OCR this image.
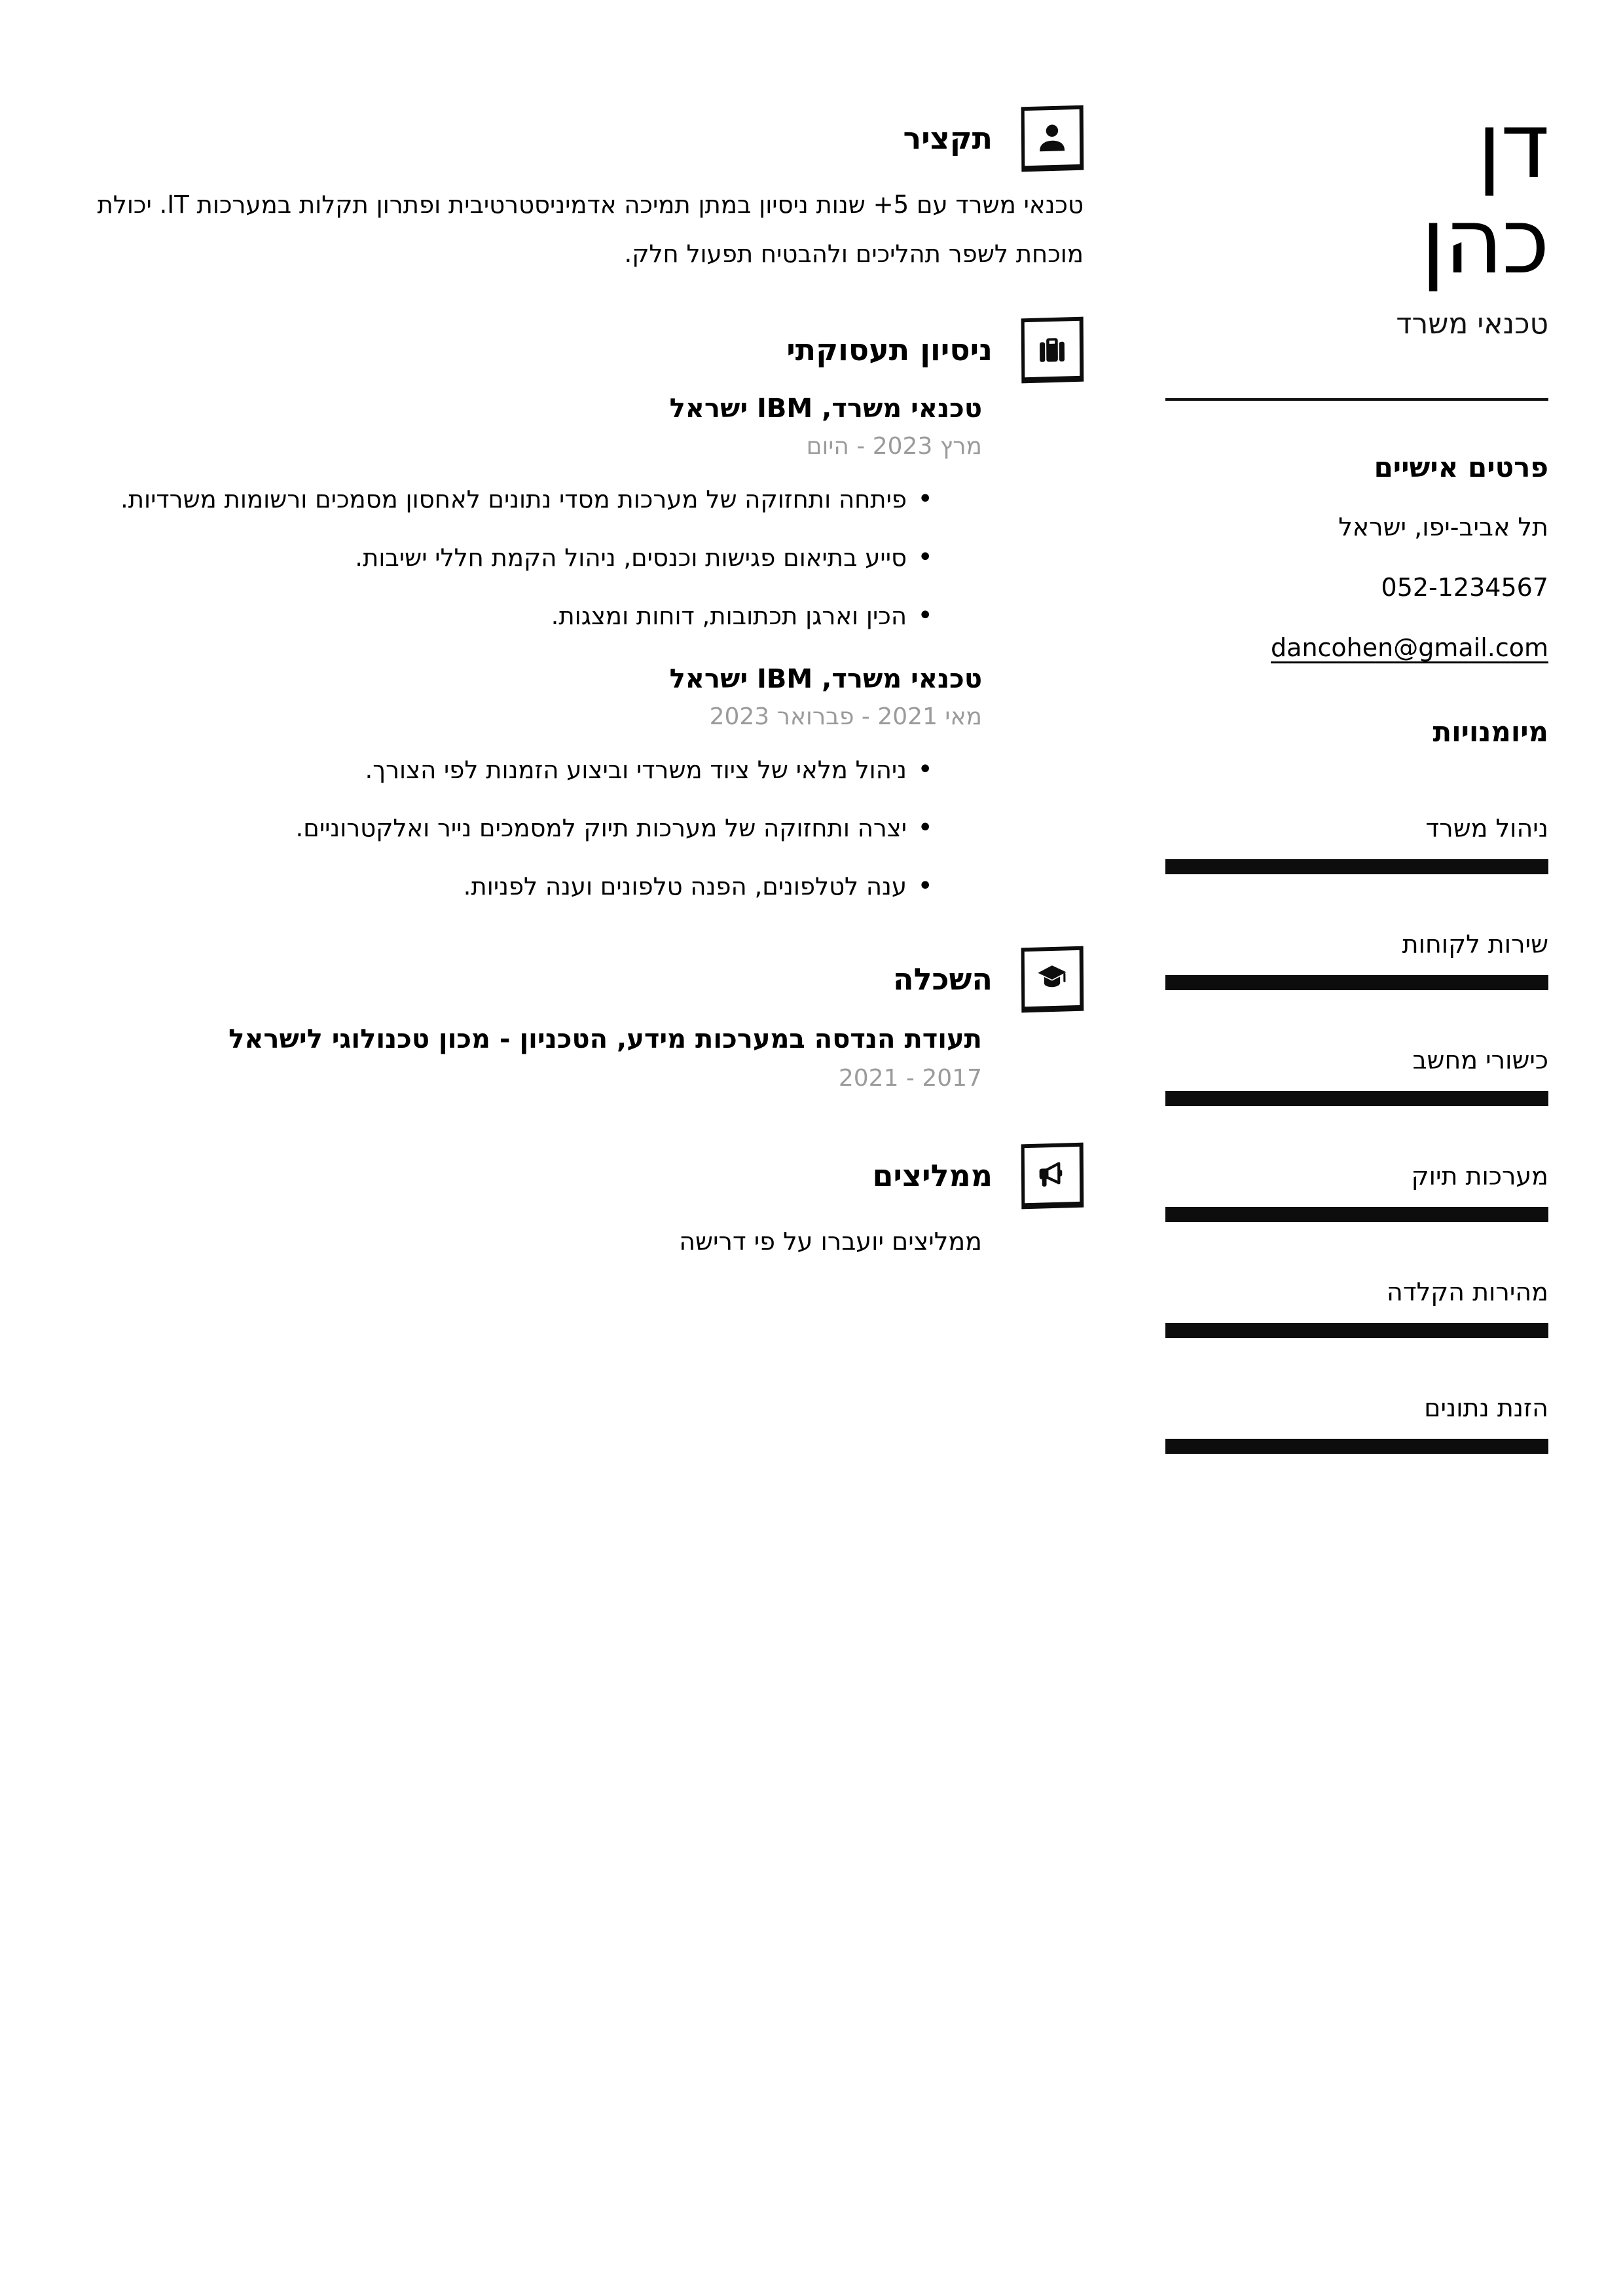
תקציר

טכנאי משרד עם 5+ שנות ניסיון במתן תמיכה אדמיניסטרטיבית ופתרון תקלות במערכות IT. יכולת מוכחת לשפר תהליכים ולהבטיח תפעול חלק.

ניסיון תעסוקתי
טכנאי משרד, IBM ישראל
מרץ 2023 - היום
• פיתחה ותחזוקה של מערכות מסדי נתונים לאחסון מסמכים ורשומות משרדיות.
• סייע בתיאום פגישות וכנסים, ניהול הקמת חללי ישיבות.
• הכין וארגן תכתובות, דוחות ומצגות.
טכנאי משרד, IBM ישראל
מאי 2021 - פברואר 2023
• ניהול מלאי של ציוד משרדי וביצוע הזמנות לפי הצורך.
• יצרה ותחזוקה של מערכות תיוק למסמכים נייר ואלקטרוניים.
• ענה לטלפונים, הפנה טלפונים וענה לפניות.
השכלה
תעודת הנדסה במערכות מידע, הטכניון - מכון טכנולוגי לישראל
2017 - 2021
ממליצים

ממליצים יועברו על פי דרישה

דן
כהן
טכנאי משרד
פרטים אישיים
תל אביב-יפו, ישראל
052-1234567
dancohen@gmail.com
מיומנויות
ניהול משרד
שירות לקוחות
כישורי מחשב
מערכות תיוק
מהירות הקלדה
הזנת נתונים
